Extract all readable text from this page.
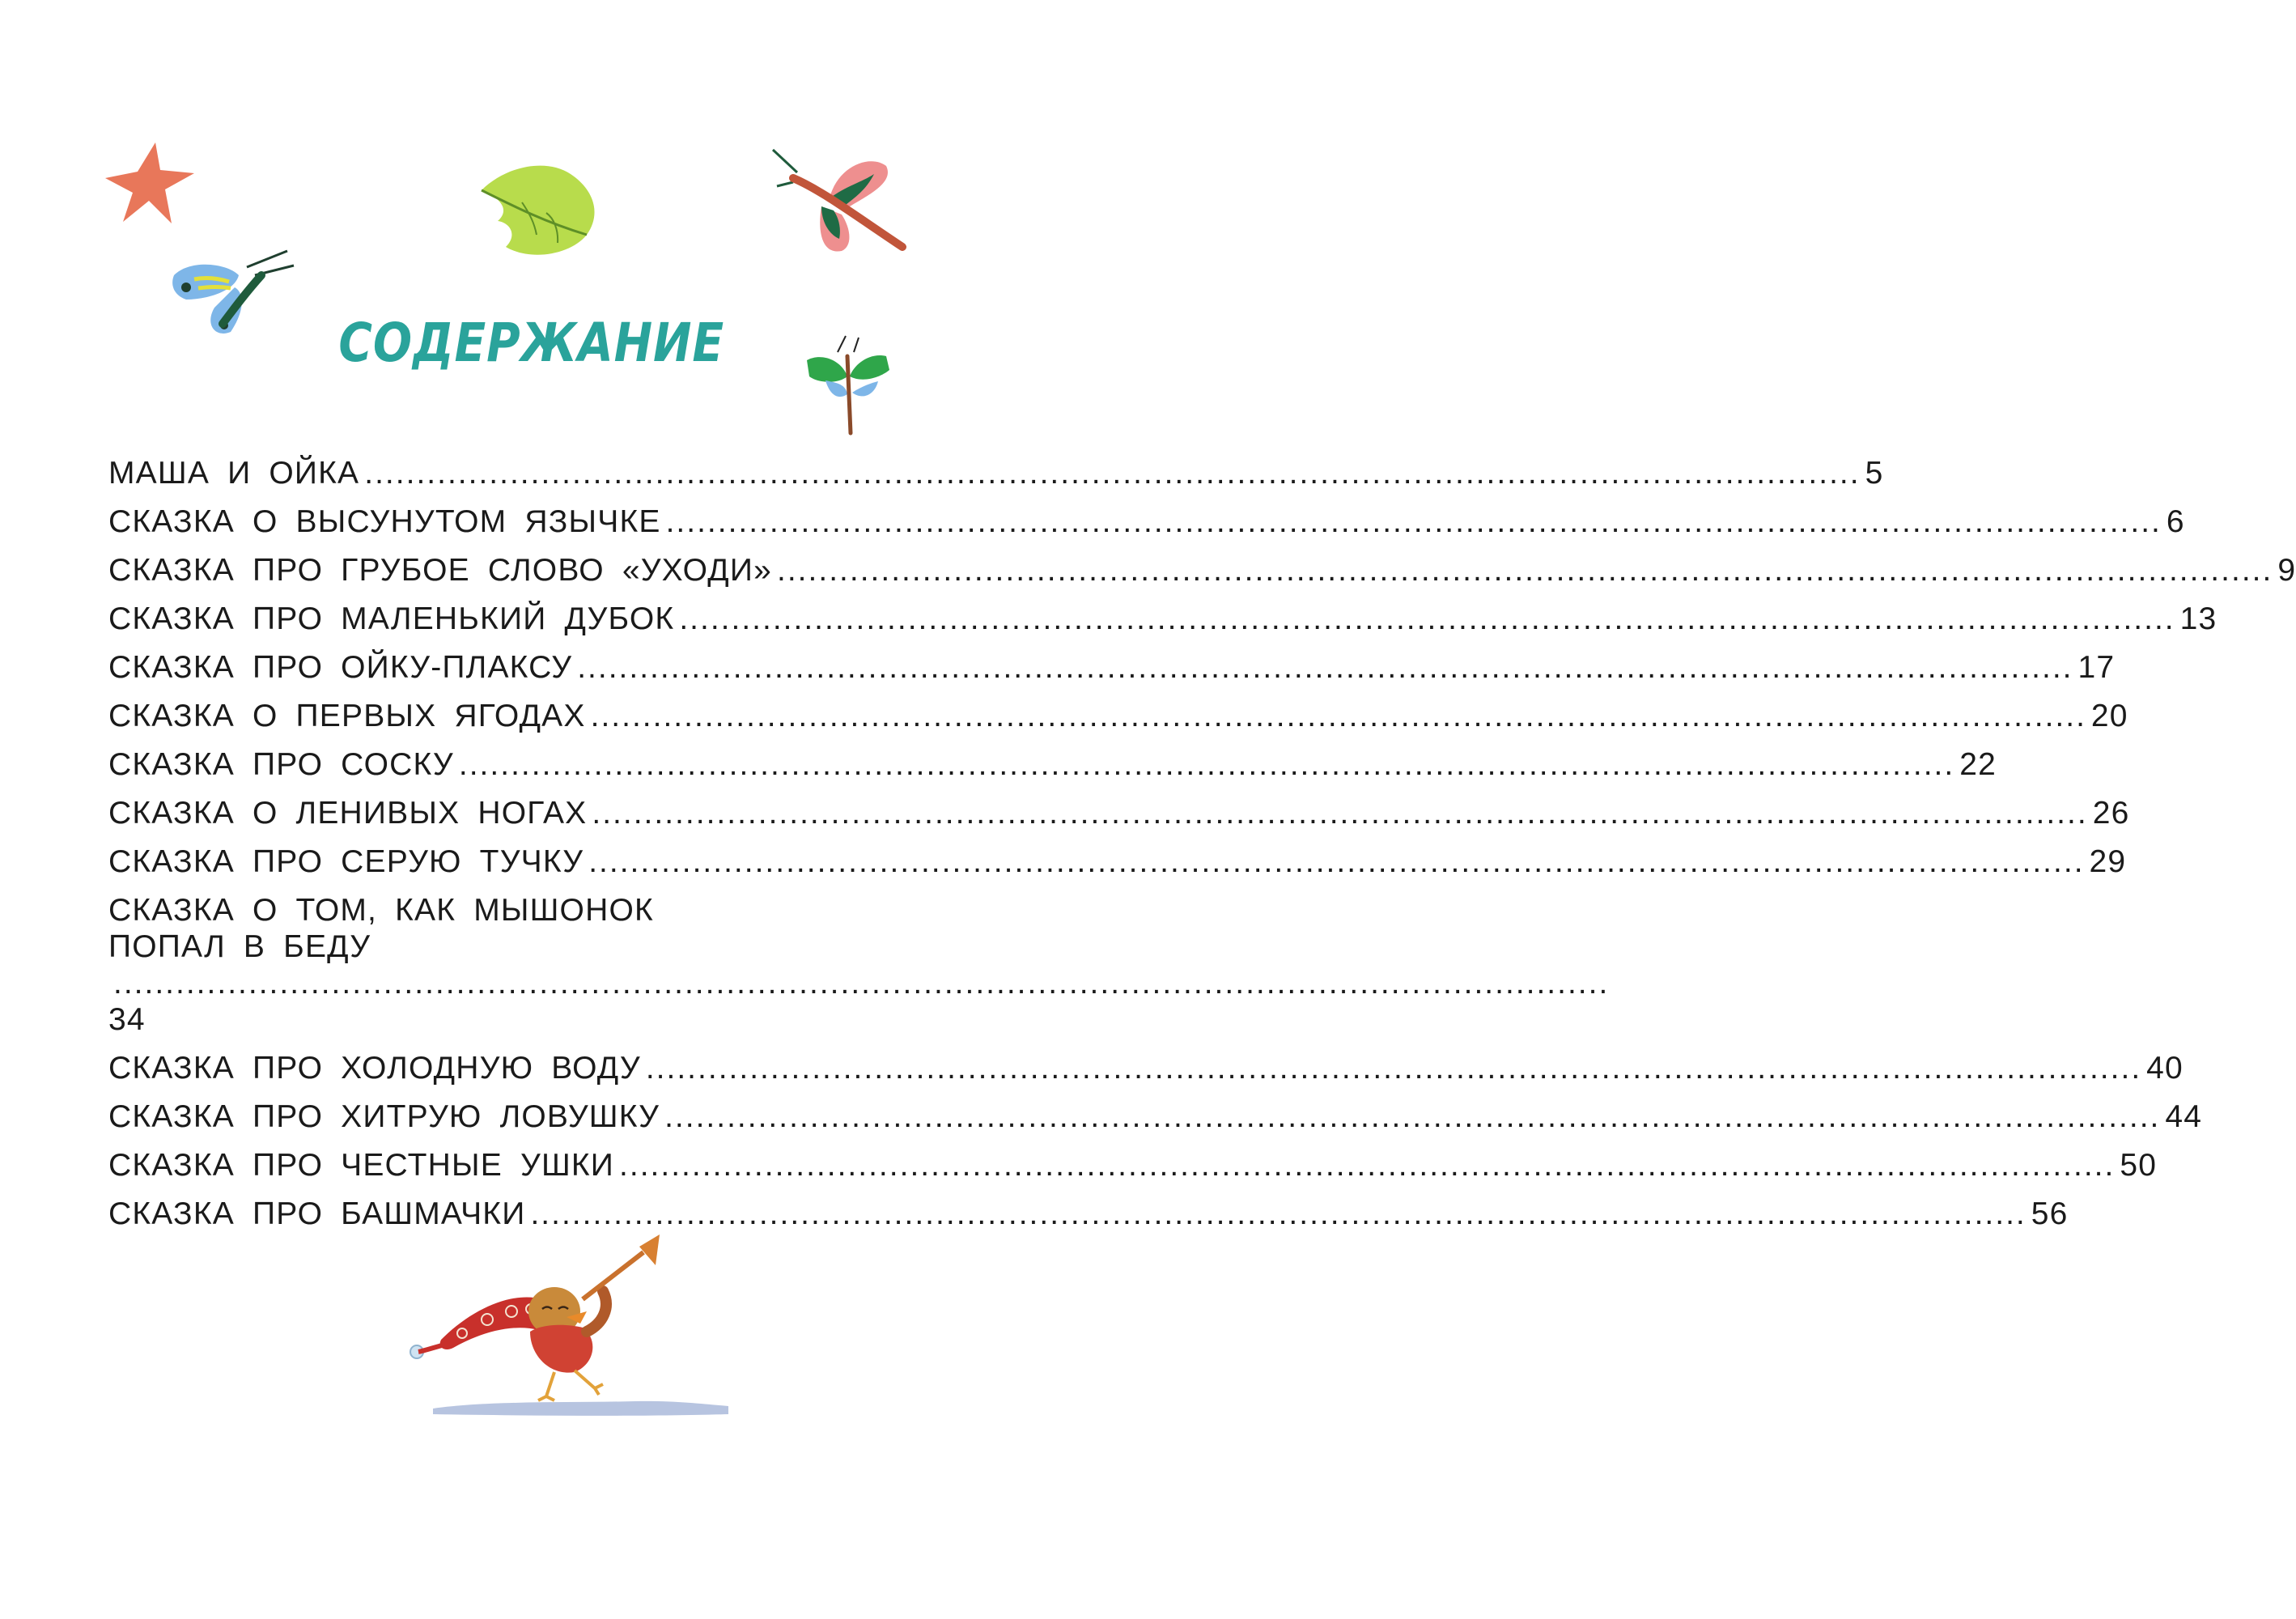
СОДЕРЖАНИЕ
МАША И ОЙКА ................................................................................................................................................ 5
СКАЗКА О ВЫСУНУТОМ ЯЗЫЧКЕ ................................................................................................................................................ 6
СКАЗКА ПРО ГРУБОЕ СЛОВО «УХОДИ» ................................................................................................................................................ 9
СКАЗКА ПРО МАЛЕНЬКИЙ ДУБОК ................................................................................................................................................ 13
СКАЗКА ПРО ОЙКУ-ПЛАКСУ ................................................................................................................................................ 17
СКАЗКА О ПЕРВЫХ ЯГОДАХ ................................................................................................................................................ 20
СКАЗКА ПРО СОСКУ ................................................................................................................................................ 22
СКАЗКА О ЛЕНИВЫХ НОГАХ ................................................................................................................................................ 26
СКАЗКА ПРО СЕРУЮ ТУЧКУ ................................................................................................................................................ 29
СКАЗКА О ТОМ, КАК МЫШОНОК
ПОПАЛ В БЕДУ
................................................................................................................................................
34
СКАЗКА ПРО ХОЛОДНУЮ ВОДУ ................................................................................................................................................ 40
СКАЗКА ПРО ХИТРУЮ ЛОВУШКУ ................................................................................................................................................ 44
СКАЗКА ПРО ЧЕСТНЫЕ УШКИ ................................................................................................................................................ 50
СКАЗКА ПРО БАШМАЧКИ ................................................................................................................................................ 56
